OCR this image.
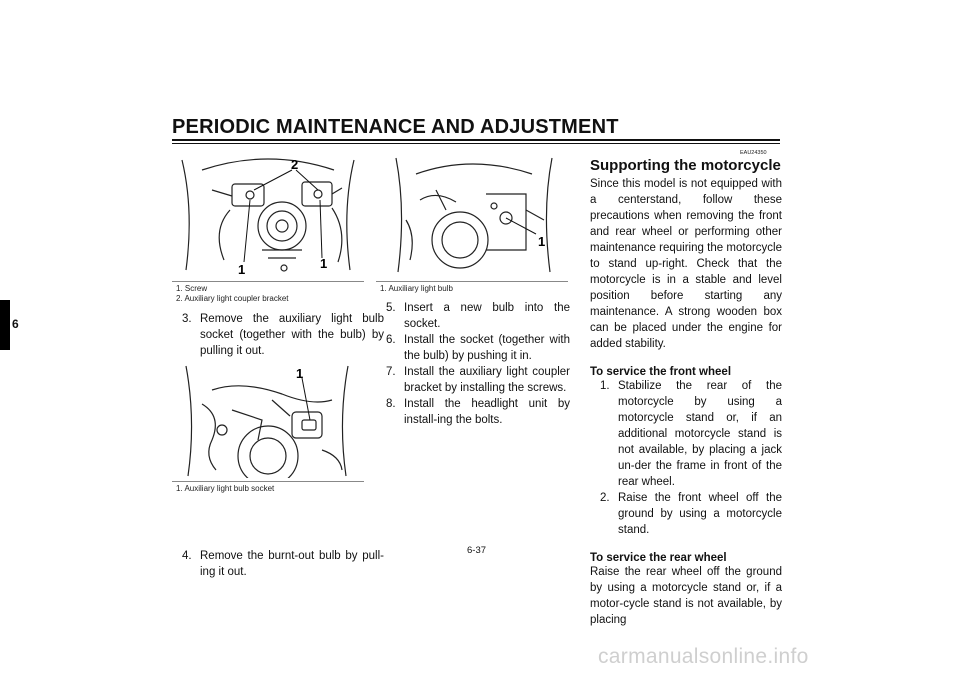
PERIODIC MAINTENANCE AND ADJUSTMENT
6
2
1	1
1. Screw
2. Auxiliary light coupler bracket
3. Remove the auxiliary light bulb socket (together with the bulb) by pulling it out.
1
1. Auxiliary light bulb socket
4. Remove the burnt-out bulb by pull-ing it out.
1
1. Auxiliary light bulb
5. Insert a new bulb into the socket.
6. Install the socket (together with the bulb) by pushing it in.
7. Install the auxiliary light coupler bracket by installing the screws.
8. Install the headlight unit by install-ing the bolts.
EAU24350
Supporting the motorcycle
Since this model is not equipped with a centerstand, follow these precautions when removing the front and rear wheel or performing other maintenance requiring the motorcycle to stand up-right. Check that the motorcycle is in a stable and level position before starting any maintenance. A strong wooden box can be placed under the engine for added stability.
To service the front wheel
1. Stabilize the rear of the motorcycle by using a motorcycle stand or, if an additional motorcycle stand is not available, by placing a jack un-der the frame in front of the rear wheel.
2. Raise the front wheel off the ground by using a motorcycle stand.
To service the rear wheel
Raise the rear wheel off the ground by using a motorcycle stand or, if a motor-cycle stand is not available, by placing
6-37
carmanualsonline.info
